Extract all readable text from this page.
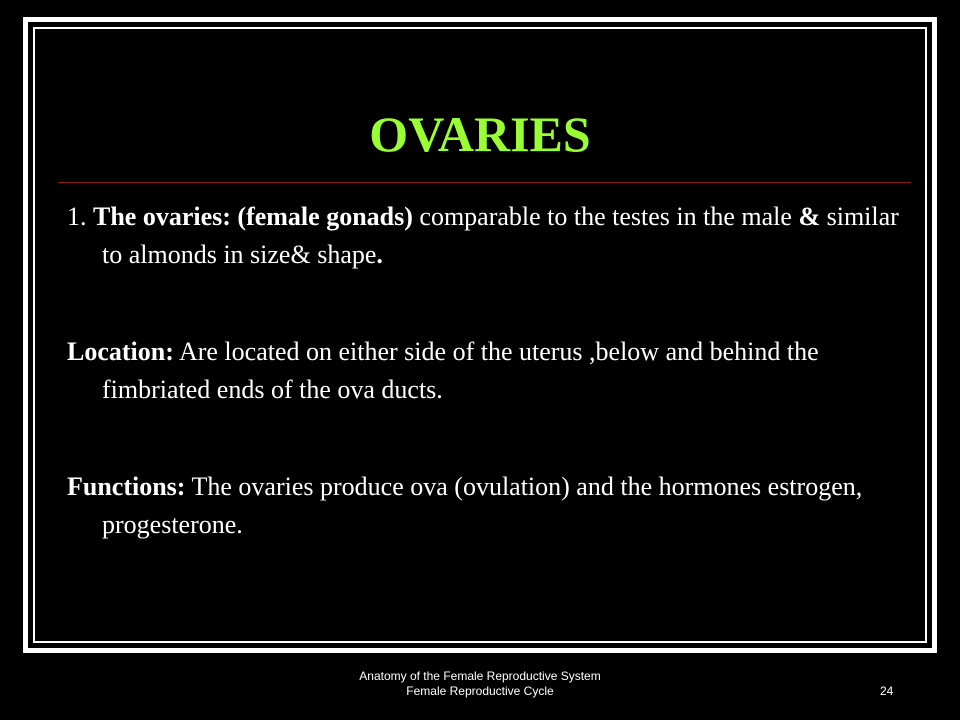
OVARIES

1. The ovaries: (female gonads) comparable to the testes in the male & similar to almonds in size& shape.

Location: Are located on either side of the uterus ,below and behind the fimbriated ends of the ova ducts.

Functions: The ovaries produce ova (ovulation) and the hormones estrogen, progesterone.

Anatomy of the Female Reproductive System
Female Reproductive Cycle	24
